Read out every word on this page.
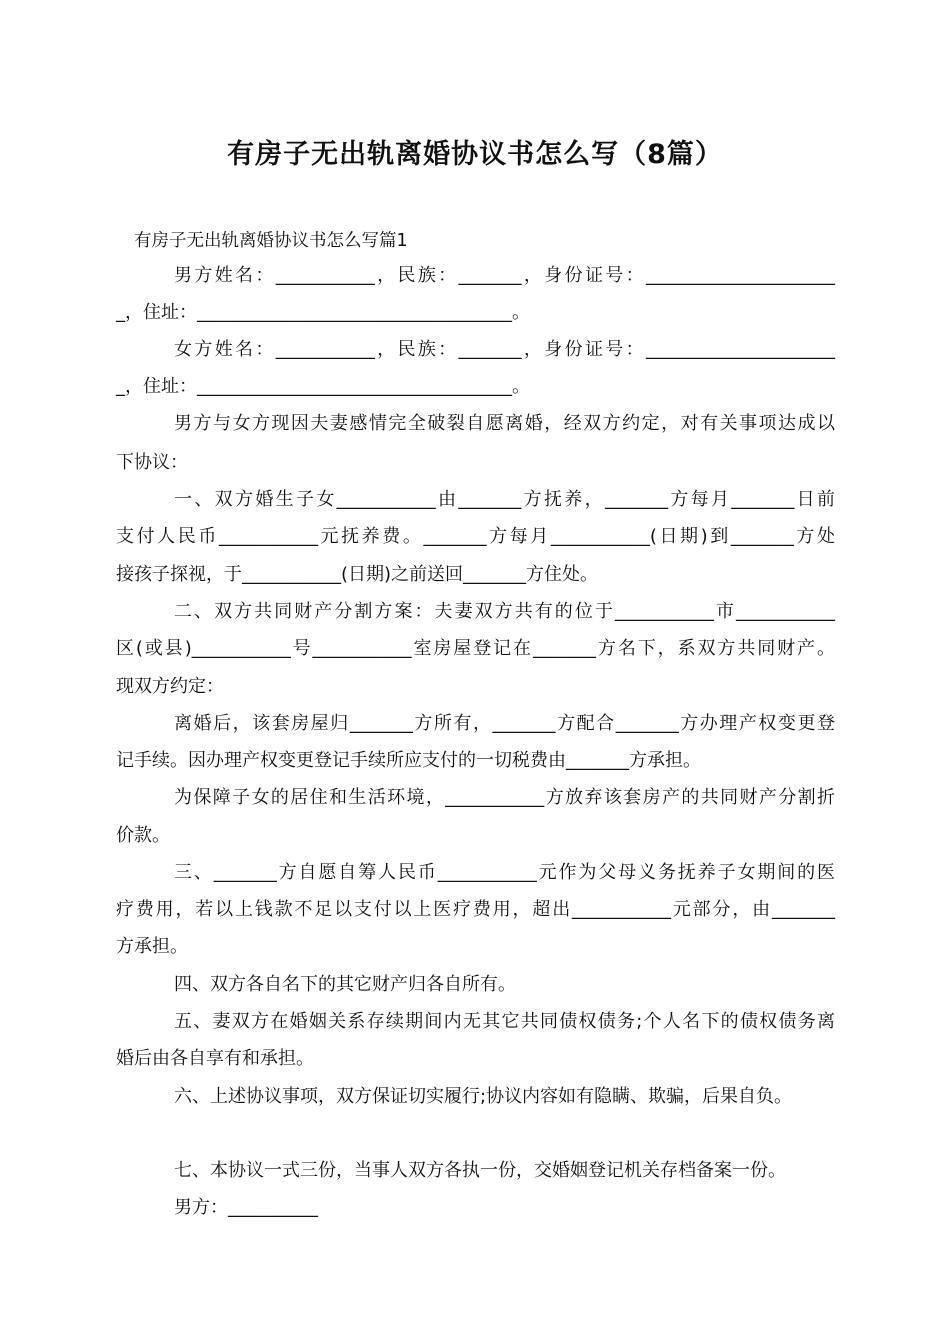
有房子无出轨离婚协议书怎么写（8篇）
有房子无出轨离婚协议书怎么写篇1
男方姓名：___________，民族：_______，身份证号：_____________________
_，住址：___________________________________。
女方姓名：___________，民族：_______，身份证号：_____________________
_，住址：___________________________________。
男方与女方现因夫妻感情完全破裂自愿离婚，经双方约定，对有关事项达成以
下协议：
一、双方婚生子女___________由_______方抚养，_______方每月_______日前
支付人民币___________元抚养费。_______方每月___________(日期)到_______方处
接孩子探视，于___________(日期)之前送回_______方住处。
二、双方共同财产分割方案：夫妻双方共有的位于___________市___________
区(或县)___________号___________室房屋登记在_______方名下，系双方共同财产。
现双方约定：
离婚后，该套房屋归_______方所有，_______方配合_______方办理产权变更登
记手续。因办理产权变更登记手续所应支付的一切税费由_______方承担。
为保障子女的居住和生活环境，___________方放弃该套房产的共同财产分割折
价款。
三、_______方自愿自筹人民币___________元作为父母义务抚养子女期间的医
疗费用，若以上钱款不足以支付以上医疗费用，超出___________元部分，由_______
方承担。
四、双方各自名下的其它财产归各自所有。
五、妻双方在婚姻关系存续期间内无其它共同债权债务;个人名下的债权债务离
婚后由各自享有和承担。
六、上述协议事项，双方保证切实履行;协议内容如有隐瞒、欺骗，后果自负。
七、本协议一式三份，当事人双方各执一份，交婚姻登记机关存档备案一份。
男方：__________
